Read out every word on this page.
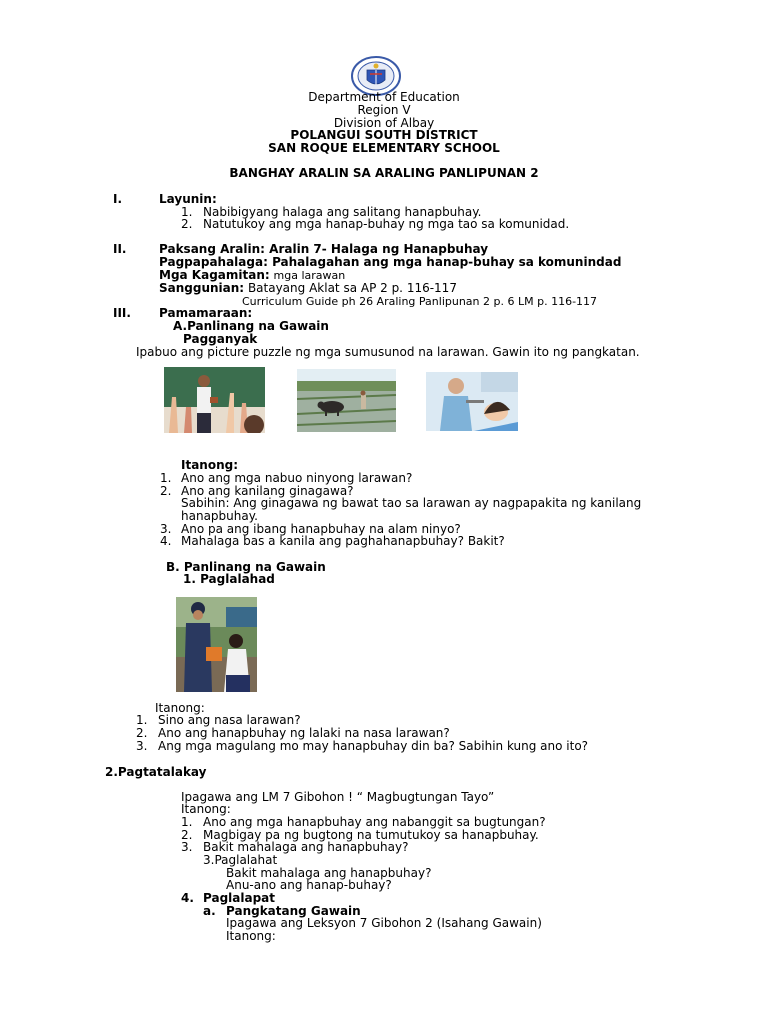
Department of Education
Region V
Division of Albay
POLANGUI SOUTH DISTRICT
SAN ROQUE ELEMENTARY SCHOOL
BANGHAY ARALIN SA ARALING PANLIPUNAN 2
I.	Layunin:
1. Nabibigyang halaga ang salitang hanapbuhay.
2. Natutukoy ang mga hanap-buhay ng mga tao sa komunidad.
II.	Paksang Aralin: Aralin 7- Halaga ng Hanapbuhay
Pagpapahalaga: Pahalagahan ang mga hanap-buhay sa komunindad
Mga Kagamitan: mga larawan
Sanggunian: Batayang Aklat sa AP 2 p. 116-117
Curriculum Guide ph 26 Araling Panlipunan 2 p. 6 LM p. 116-117
III. Pamamaraan:
A.Panlinang na Gawain
Pagganyak
Ipabuo ang picture puzzle ng mga sumusunod na larawan. Gawin ito ng pangkatan.
Itanong:
1. Ano ang mga nabuo ninyong larawan?
2. Ano ang kanilang ginagawa?
Sabihin: Ang ginagawa ng bawat tao sa larawan ay nagpapakita ng kanilang
hanapbuhay.
3. Ano pa ang ibang hanapbuhay na alam ninyo?
4. Mahalaga bas a kanila ang paghahanapbuhay? Bakit?
B. Panlinang na Gawain
1. Paglalahad
Itanong:
1. Sino ang nasa larawan?
2. Ano ang hanapbuhay ng lalaki na nasa larawan?
3. Ang mga magulang mo may hanapbuhay din ba? Sabihin kung ano ito?
2.Pagtatalakay
Ipagawa ang LM 7 Gibohon ! “ Magbugtungan Tayo”
Itanong:
1. Ano ang mga hanapbuhay ang nabanggit sa bugtungan?
2. Magbigay pa ng bugtong na tumutukoy sa hanapbuhay.
3. Bakit mahalaga ang hanapbuhay?
3.Paglalahat
Bakit mahalaga ang hanapbuhay?
Anu-ano ang hanap-buhay?
4. Paglalapat
a. Pangkatang Gawain
Ipagawa ang Leksyon 7 Gibohon 2 (Isahang Gawain)
Itanong:
